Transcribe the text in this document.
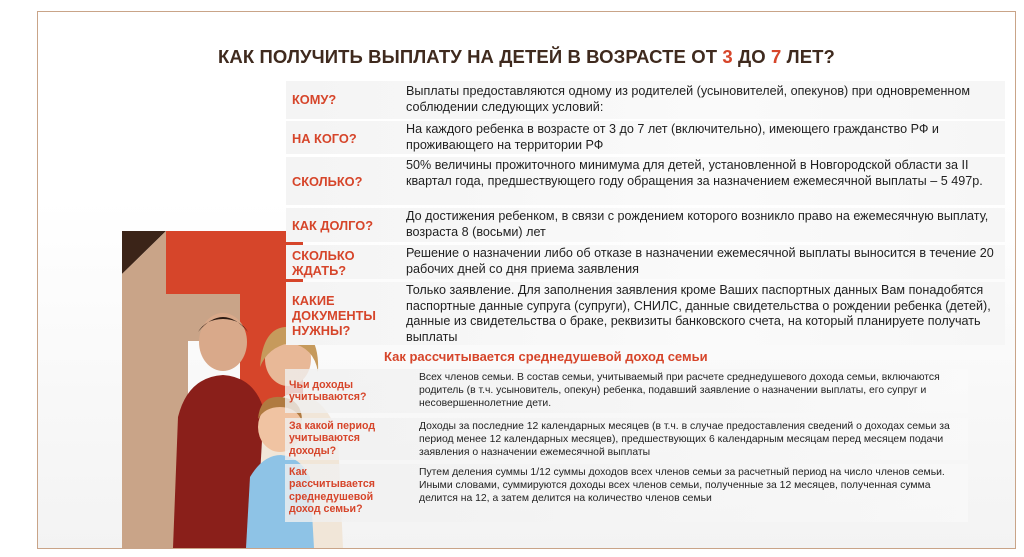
КАК ПОЛУЧИТЬ ВЫПЛАТУ НА ДЕТЕЙ В ВОЗРАСТЕ ОТ 3 ДО 7 ЛЕТ?
КОМУ?
Выплаты предоставляются одному из родителей (усыновителей, опекунов) при одновременном соблюдении следующих условий:
НА КОГО?
На каждого ребенка в возрасте от 3 до 7 лет (включительно), имеющего гражданство РФ и проживающего на территории РФ
СКОЛЬКО?
50% величины прожиточного минимума для детей, установленной в Новгородской области за II квартал года, предшествующего году обращения за назначением ежемесячной выплаты – 5 497р.
КАК ДОЛГО?
До достижения ребенком, в связи с рождением которого возникло право на ежемесячную выплату, возраста 8 (восьми) лет
СКОЛЬКО ЖДАТЬ?
Решение о назначении либо об отказе в назначении ежемесячной выплаты выносится в течение 20 рабочих дней со дня приема заявления
КАКИЕ ДОКУМЕНТЫ НУЖНЫ?
Только заявление. Для заполнения заявления кроме Ваших паспортных данных Вам понадобятся паспортные данные супруга (супруги), СНИЛС, данные свидетельства о рождении ребенка (детей), данные из свидетельства о браке, реквизиты банковского счета, на который планируете получать выплаты
Как рассчитывается среднедушевой доход семьи
Чьи доходы учитываются?
Всех членов семьи. В состав семьи, учитываемый при расчете среднедушевого дохода семьи, включаются родитель (в т.ч. усыновитель, опекун) ребенка, подавший заявление о назначении выплаты, его супруг и несовершеннолетние дети.
За какой период учитываются доходы?
Доходы за последние 12 календарных месяцев (в т.ч. в случае предоставления сведений о доходах семьи за период менее 12 календарных месяцев), предшествующих 6 календарным месяцам перед месяцем подачи заявления о назначении ежемесячной выплаты
Как рассчитывается среднедушевой доход семьи?
Путем деления суммы 1/12 суммы доходов всех членов семьи за расчетный период на число членов семьи. Иными словами, суммируются доходы всех членов семьи, полученные за 12 месяцев, полученная сумма делится на 12, а затем делится на количество членов семьи
